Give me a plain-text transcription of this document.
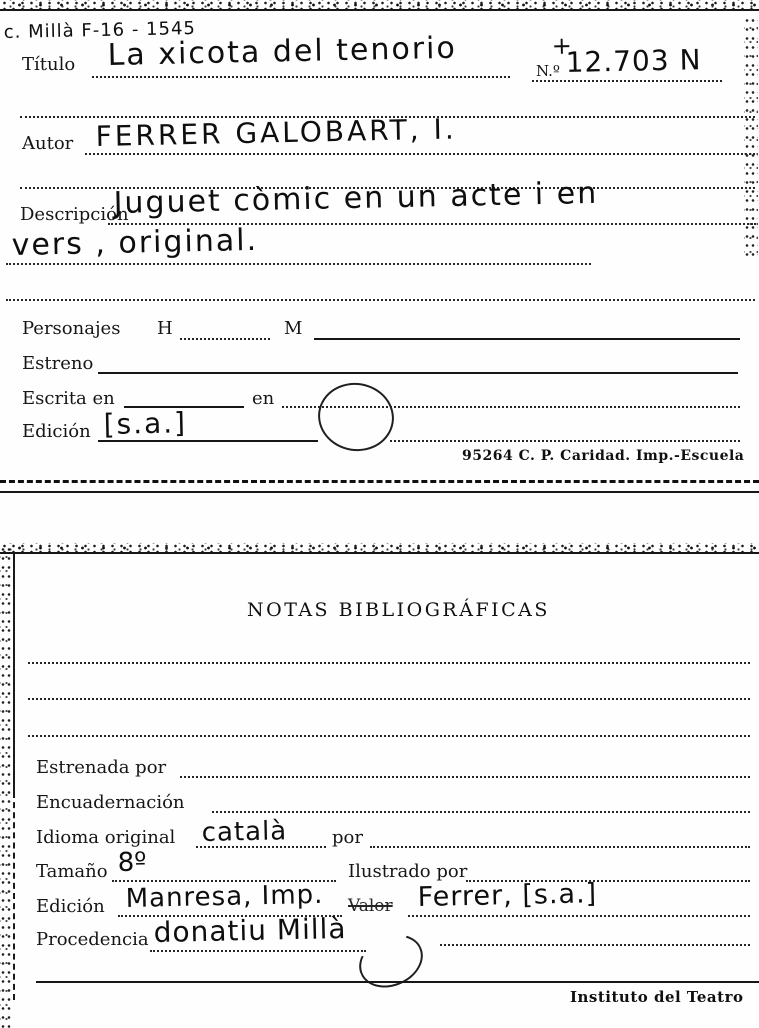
c. Millà F-16 - 1545
Título La xicota del tenorio	+
N.º 12.703 N
Autor FERRER GALOBART, I.
Descripción
Juguet còmic en un acte i en
vers , original.
Personajes H	M
Estreno
Escrita en	en
Edición [s.a.]
95264 C. P. Caridad. Imp.-Escuela
NOTAS BIBLIOGRÁFICAS
Estrenada por
Encuadernación
Idioma original català por
Tamaño 8º	Ilustrado por
Edición Manresa, Imp. Valor Ferrer, [s.a.]
Procedencia donatiu Millà
Instituto del Teatro
